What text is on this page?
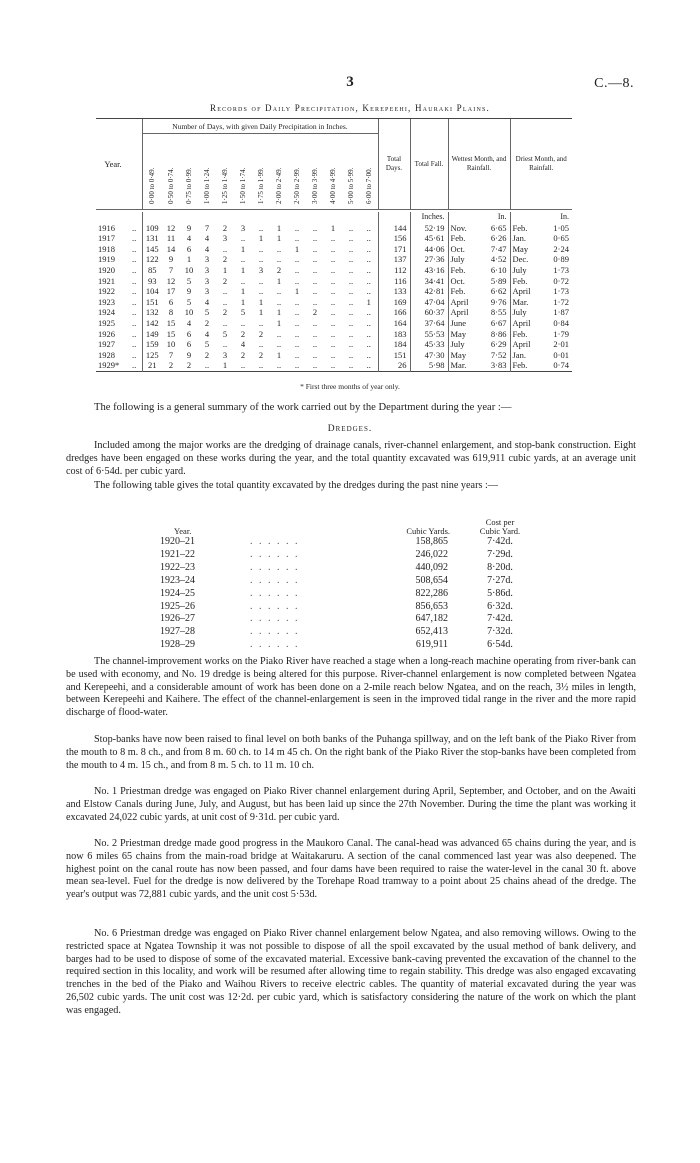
3	C.—8.
Records of Daily Precipitation, Kerepeehi, Hauraki Plains.
Year.		Number of Days, with given Daily Precipitation in Inches.													Total Days.	Total Fall.	Wettest Month, and Rainfall.		Driest Month, and Rainfall.	
		0·00 to 0·49.	0·50 to 0·74.	0·75 to 0·99.	1·00 to 1·24.	1·25 to 1·49.	1·50 to 1·74.	1·75 to 1·99.	2·00 to 2·49.	2·50 to 2·99.	3·00 to 3·99.	4·00 to 4·99.	5·00 to 5·99.	6·00 to 7·00.						

																Inches.		In.		In.
1916	..	109	12	9	7	2	3	..	1	..	..	1	..	..	144	52·19	Nov.	6·65	Feb.	1·05
1917	..	131	11	4	4	3	..	1	1	..	..	..	..	..	156	45·61	Feb.	6·26	Jan.	0·65
1918	..	145	14	6	4	..	1	..	..	1	..	..	..	..	171	44·06	Oct.	7·47	May	2·24
1919	..	122	9	1	3	2	..	..	..	..	..	..	..	..	137	27·36	July	4·52	Dec.	0·89
1920	..	85	7	10	3	1	1	3	2	..	..	..	..	..	112	43·16	Feb.	6·10	July	1·73
1921	..	93	12	5	3	2	..	..	1	..	..	..	..	..	116	34·41	Oct.	5·89	Feb.	0·72
1922	..	104	17	9	3	..	1	..	..	1	..	..	..	..	133	42·81	Feb.	6·62	April	1·73
1923	..	151	6	5	4	..	1	1	..	..	..	..	..	1	169	47·04	April	9·76	Mar.	1·72
1924	..	132	8	10	5	2	5	1	1	..	2	..	..	..	166	60·37	April	8·55	July	1·87
1925	..	142	15	4	2	..	..	..	1	..	..	..	..	..	164	37·64	June	6·67	April	0·84
1926	..	149	15	6	4	5	2	2	..	..	..	..	..	..	183	55·53	May	8·86	Feb.	1·79
1927	..	159	10	6	5	..	4	..	..	..	..	..	..	..	184	45·33	July	6·29	April	2·01
1928	..	125	7	9	2	3	2	2	1	..	..	..	..	..	151	47·30	May	7·52	Jan.	0·01
1929*	..	21	2	2	..	1	..	..	..	..	..	..	..	..	26	5·98	Mar.	3·83	Feb.	0·74

* First three months of year only.
The following is a general summary of the work carried out by the Department during the year :—
Dredges.
Included among the major works are the dredging of drainage canals, river-channel enlargement, and stop-bank construction. Eight dredges have been engaged on these works during the year, and the total quantity excavated was 619,911 cubic yards, at an average unit cost of 6·54d. per cubic yard.
The following table gives the total quantity excavated by the dredges during the past nine years :—
Year.		Cubic Yards.	Cost per
Cubic Yard.

1920–21	. . . . . .	158,865	7·42d.
1921–22	. . . . . .	246,022	7·29d.
1922–23	. . . . . .	440,092	8·20d.
1923–24	. . . . . .	508,654	7·27d.
1924–25	. . . . . .	822,286	5·86d.
1925–26	. . . . . .	856,653	6·32d.
1926–27	. . . . . .	647,182	7·42d.
1927–28	. . . . . .	652,413	7·32d.
1928–29	. . . . . .	619,911	6·54d.
The channel-improvement works on the Piako River have reached a stage when a long-reach machine operating from river-bank can be used with economy, and No. 19 dredge is being altered for this purpose. River-channel enlargement is now completed between Ngatea and Kerepeehi, and a considerable amount of work has been done on a 2-mile reach below Ngatea, and on the reach, 3½ miles in length, between Kerepeehi and Kaihere. The effect of the channel-enlargement is seen in the improved tidal range in the river and the more rapid discharge of flood-water.
Stop-banks have now been raised to final level on both banks of the Puhanga spillway, and on the left bank of the Piako River from the mouth to 8 m. 8 ch., and from 8 m. 60 ch. to 14 m 45 ch. On the right bank of the Piako River the stop-banks have been completed from the mouth to 4 m. 15 ch., and from 8 m. 5 ch. to 11 m. 10 ch.
No. 1 Priestman dredge was engaged on Piako River channel enlargement during April, September, and October, and on the Awaiti and Elstow Canals during June, July, and August, but has been laid up since the 27th November. During the time the plant was working it excavated 24,022 cubic yards, at unit cost of 9·31d. per cubic yard.
No. 2 Priestman dredge made good progress in the Maukoro Canal. The canal-head was advanced 65 chains during the year, and is now 6 miles 65 chains from the main-road bridge at Waitakaruru. A section of the canal commenced last year was also deepened. The highest point on the canal route has now been passed, and four dams have been required to raise the water-level in the canal 30 ft. above mean sea-level. Fuel for the dredge is now delivered by the Torehape Road tramway to a point about 25 chains ahead of the dredge. The year's output was 72,881 cubic yards, and the unit cost 5·53d.
No. 6 Priestman dredge was engaged on Piako River channel enlargement below Ngatea, and also removing willows. Owing to the restricted space at Ngatea Township it was not possible to dispose of all the spoil excavated by the usual method of bank delivery, and barges had to be used to dispose of some of the excavated material. Excessive bank-caving prevented the excavation of the channel to the required section in this locality, and work will be resumed after allowing time to regain stability. This dredge was also engaged excavating trenches in the bed of the Piako and Waihou Rivers to receive electric cables. The quantity of material excavated during the year was 26,502 cubic yards. The unit cost was 12·2d. per cubic yard, which is satisfactory considering the nature of the work on which the plant was engaged.
